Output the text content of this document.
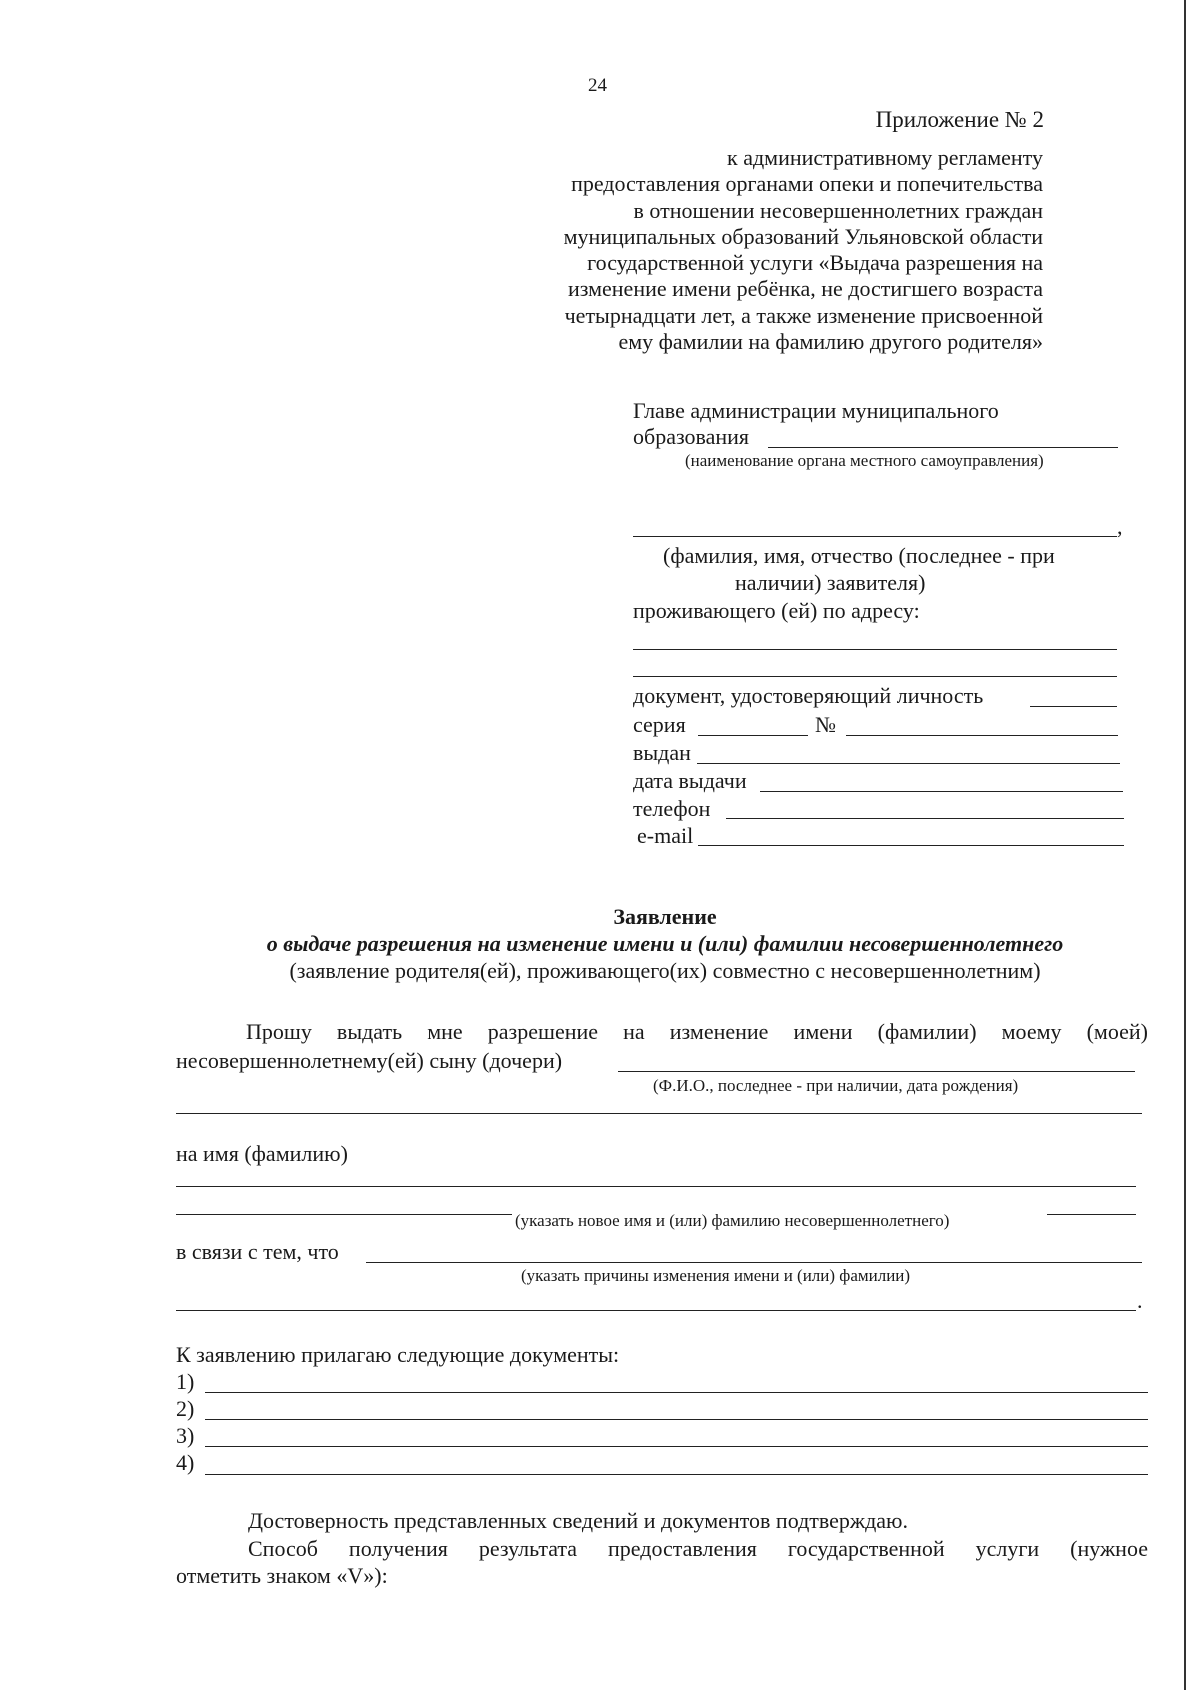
24
Приложение № 2
к административному регламенту
предоставления органами опеки и попечительства
в отношении несовершеннолетних граждан
муниципальных образований Ульяновской области
государственной услуги «Выдача разрешения на
изменение имени ребёнка, не достигшего возраста
четырнадцати лет, а также изменение присвоенной
ему фамилии на фамилию другого родителя»
Главе администрации муниципального
образования
(наименование органа местного самоуправления)
,
(фамилия, имя, отчество (последнее - при
наличии) заявителя)
проживающего (ей) по адресу:
документ, удостоверяющий личность
серия	№
выдан
дата выдачи
телефон
e-mail
Заявление
о выдаче разрешения на изменение имени и (или) фамилии несовершеннолетнего
(заявление родителя(ей), проживающего(их) совместно с несовершеннолетним)
Прошу выдать мне разрешение на изменение имени (фамилии) моему (моей)
несовершеннолетнему(ей) сыну (дочери)
(Ф.И.О., последнее - при наличии, дата рождения)
на имя (фамилию)
(указать новое имя и (или) фамилию несовершеннолетнего)
в связи с тем, что
(указать причины изменения имени и (или) фамилии)
.
К заявлению прилагаю следующие документы:
1)
2)
3)
4)
Достоверность представленных сведений и документов подтверждаю.
Способ получения результата предоставления государственной услуги (нужное
отметить знаком «V»):
